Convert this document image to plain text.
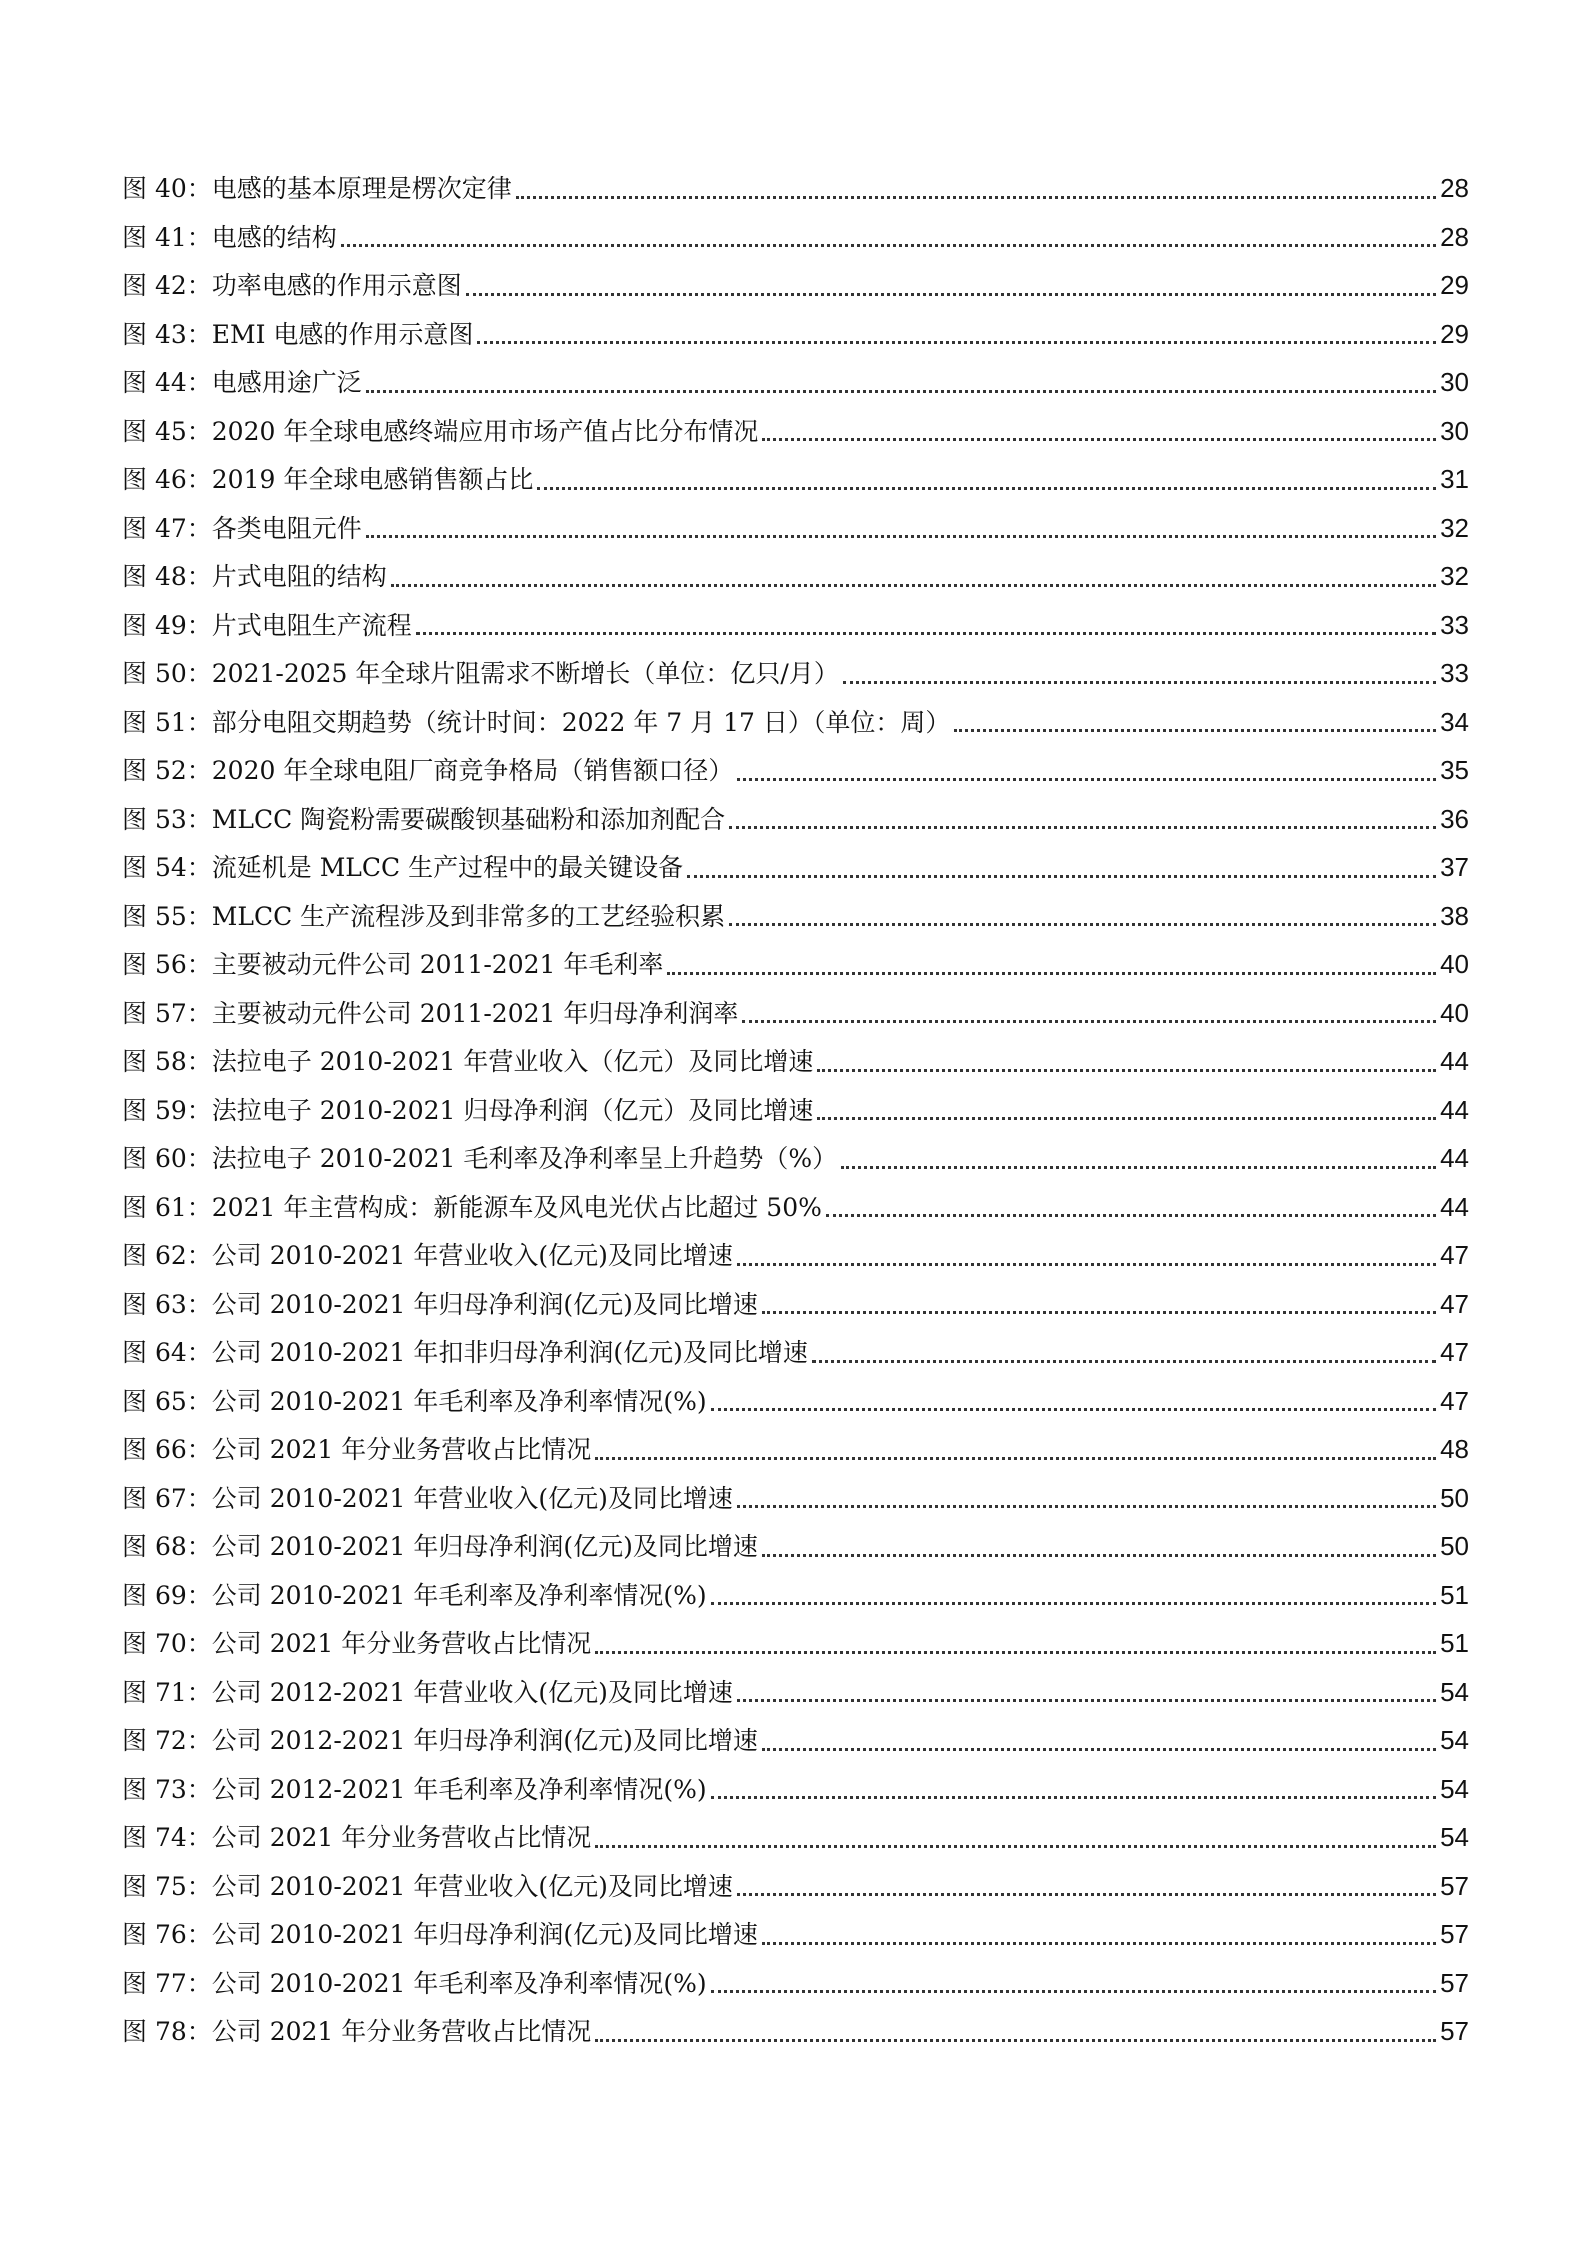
图 40： 电感的基本原理是楞次定律	28
图 41： 电感的结构	28
图 42： 功率电感的作用示意图	29
图 43： EMI 电感的作用示意图	29
图 44： 电感用途广泛	30
图 45： 2020 年全球电感终端应用市场产值占比分布情况	30
图 46： 2019 年全球电感销售额占比	31
图 47： 各类电阻元件	32
图 48： 片式电阻的结构	32
图 49： 片式电阻生产流程	33
图 50： 2021-2025 年全球片阻需求不断增长（单位：亿只/月）	33
图 51： 部分电阻交期趋势（统计时间：2022 年 7 月 17 日）（单位：周）	34
图 52： 2020 年全球电阻厂商竞争格局（销售额口径）	35
图 53： MLCC 陶瓷粉需要碳酸钡基础粉和添加剂配合	36
图 54： 流延机是 MLCC 生产过程中的最关键设备	37
图 55： MLCC 生产流程涉及到非常多的工艺经验积累	38
图 56： 主要被动元件公司 2011-2021 年毛利率	40
图 57： 主要被动元件公司 2011-2021 年归母净利润率	40
图 58： 法拉电子 2010-2021 年营业收入（亿元）及同比增速	44
图 59： 法拉电子 2010-2021 归母净利润（亿元）及同比增速	44
图 60： 法拉电子 2010-2021 毛利率及净利率呈上升趋势（%）	44
图 61： 2021 年主营构成：新能源车及风电光伏占比超过 50%	44
图 62： 公司 2010-2021 年营业收入(亿元)及同比增速	47
图 63： 公司 2010-2021 年归母净利润(亿元)及同比增速	47
图 64： 公司 2010-2021 年扣非归母净利润(亿元)及同比增速	47
图 65： 公司 2010-2021 年毛利率及净利率情况(%)	47
图 66： 公司 2021 年分业务营收占比情况	48
图 67： 公司 2010-2021 年营业收入(亿元)及同比增速	50
图 68： 公司 2010-2021 年归母净利润(亿元)及同比增速	50
图 69： 公司 2010-2021 年毛利率及净利率情况(%)	51
图 70： 公司 2021 年分业务营收占比情况	51
图 71： 公司 2012-2021 年营业收入(亿元)及同比增速	54
图 72： 公司 2012-2021 年归母净利润(亿元)及同比增速	54
图 73： 公司 2012-2021 年毛利率及净利率情况(%)	54
图 74： 公司 2021 年分业务营收占比情况	54
图 75： 公司 2010-2021 年营业收入(亿元)及同比增速	57
图 76： 公司 2010-2021 年归母净利润(亿元)及同比增速	57
图 77： 公司 2010-2021 年毛利率及净利率情况(%)	57
图 78： 公司 2021 年分业务营收占比情况	57
